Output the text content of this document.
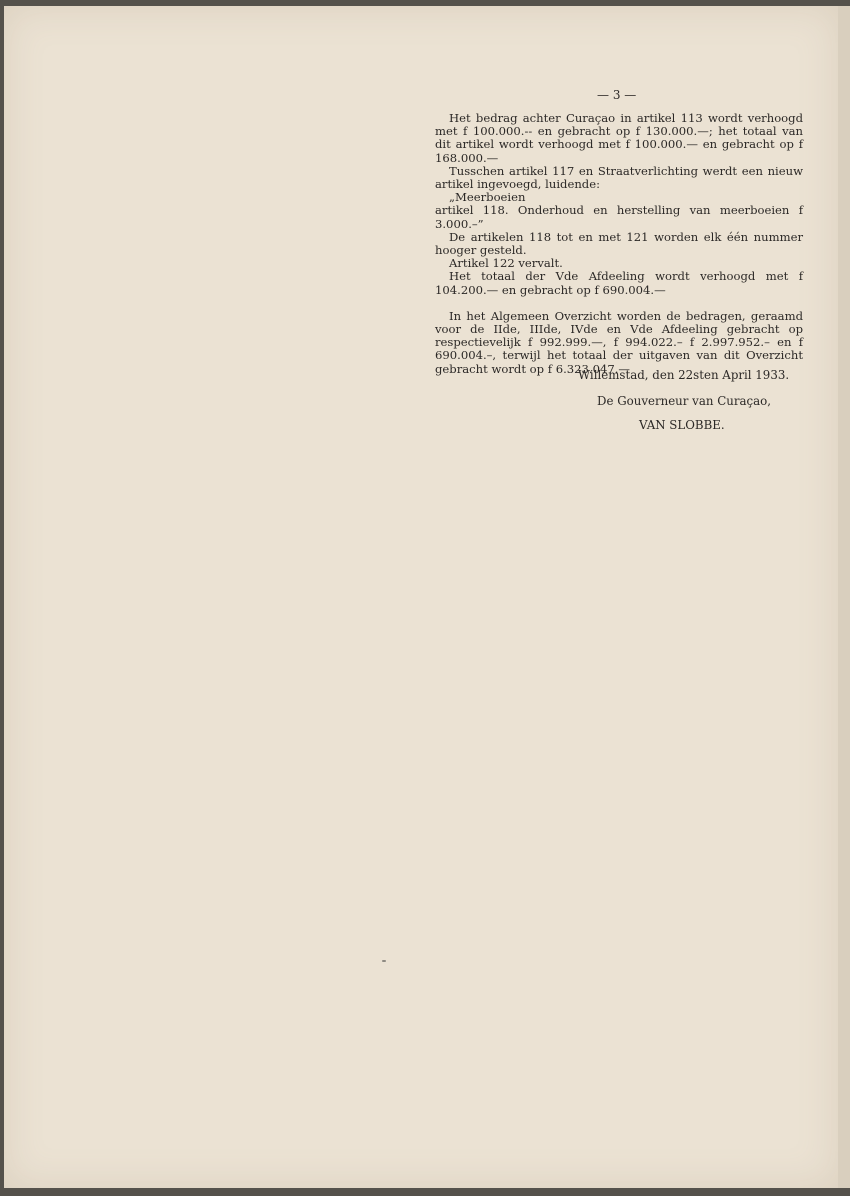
— 3 —

Het bedrag achter Curaçao in artikel 113 wordt verhoogd met f 100.000.-- en gebracht op f 130.000.—; het totaal van dit artikel wordt verhoogd met f 100.000.— en gebracht op f 168.000.—

Tusschen artikel 117 en Straatverlichting werdt een nieuw artikel ingevoegd, luidende:

„Meerboeien

artikel 118. Onderhoud en herstelling van meerboeien f 3.000.–”

De artikelen 118 tot en met 121 worden elk één nummer hooger gesteld.

Artikel 122 vervalt.

Het totaal der Vde Afdeeling wordt verhoogd met f 104.200.— en gebracht op f 690.004.—

In het Algemeen Overzicht worden de bedragen, geraamd voor de IIde, IIIde, IVde en Vde Afdeeling gebracht op respectievelijk f 992.999.—, f 994.022.– f 2.997.952.– en f 690.004.–, terwijl het totaal der uitgaven van dit Overzicht gebracht wordt op f 6.323.047.—

Willemstad, den 22sten April 1933.
De Gouverneur van Curaçao,
VAN SLOBBE.
